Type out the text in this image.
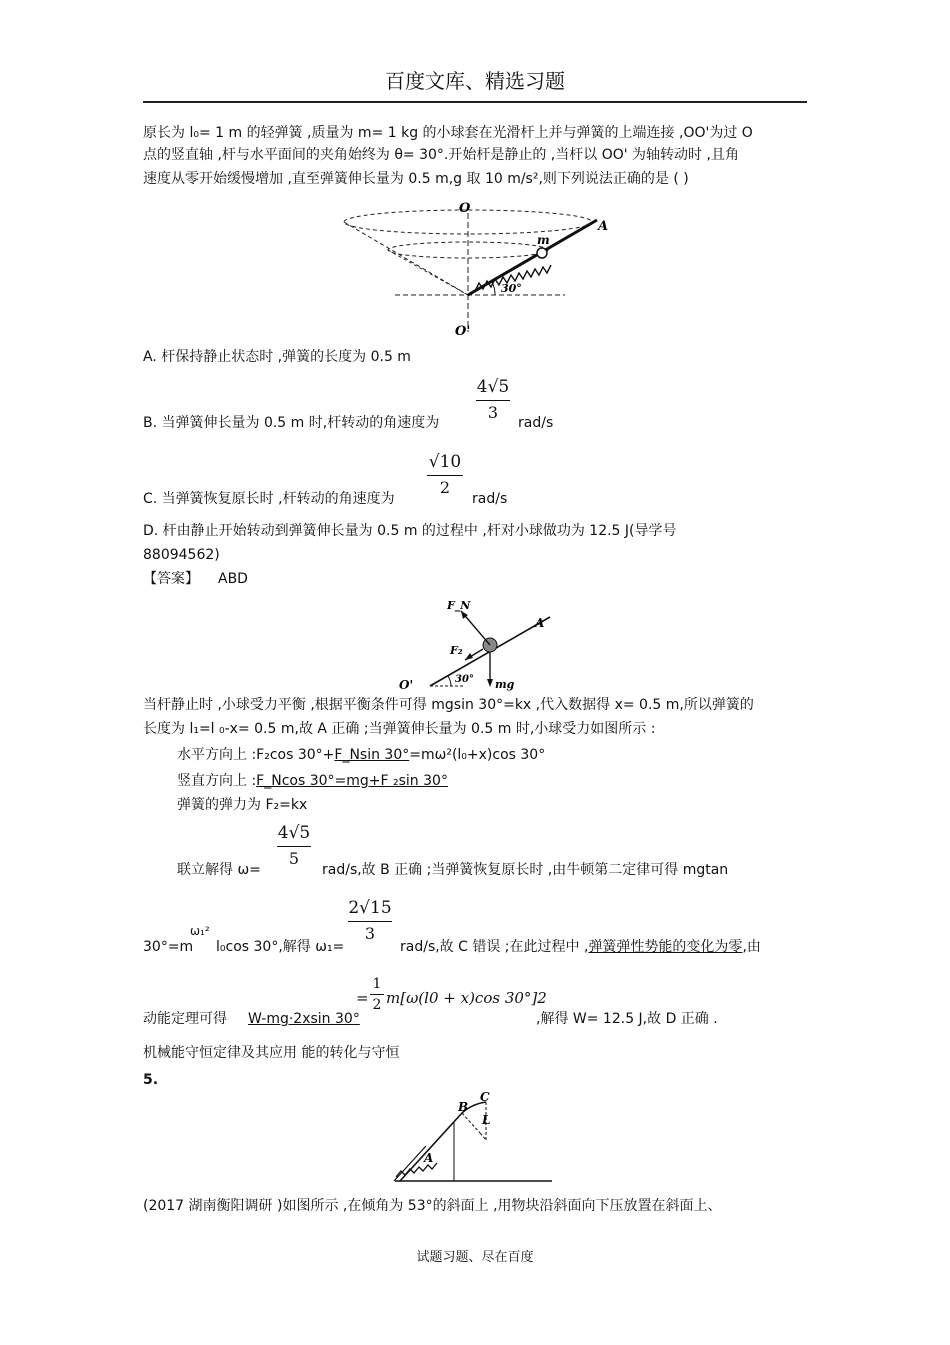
百度文库、精选习题
原长为 l₀= 1 m 的轻弹簧 ,质量为 m= 1 kg 的小球套在光滑杆上并与弹簧的上端连接 ,OO'为过 O
点的竖直轴 ,杆与水平面间的夹角始终为 θ= 30°.开始杆是静止的 ,当杆以 OO' 为轴转动时 ,且角
速度从零开始缓慢增加 ,直至弹簧伸长量为 0.5 m,g 取 10 m/s²,则下列说法正确的是 ( )
O
A
m
30°
O'
A. 杆保持静止状态时 ,弹簧的长度为 0.5 m
B. 当弹簧伸长量为 0.5 m 时,杆转动的角速度为
4√5
3
rad/s
C. 当弹簧恢复原长时 ,杆转动的角速度为
√10
2
rad/s
D. 杆由静止开始转动到弹簧伸长量为 0.5 m 的过程中 ,杆对小球做功为 12.5 J(导学号
88094562)
【答案】 ABD
F_N
A
F₂
30°
O'	mg
当杆静止时 ,小球受力平衡 ,根据平衡条件可得 mgsin 30°=kx ,代入数据得 x= 0.5 m,所以弹簧的
长度为 l₁=l ₀-x= 0.5 m,故 A 正确 ;当弹簧伸长量为 0.5 m 时,小球受力如图所示 :
水平方向上 :F₂cos 30°+F_Nsin 30°=mω²(l₀+x)cos 30°
竖直方向上 :F_Ncos 30°=mg+F ₂sin 30°
弹簧的弹力为 F₂=kx
联立解得 ω=
4√5
5
rad/s,故 B 正确 ;当弹簧恢复原长时 ,由牛顿第二定律可得 mgtan
30°=m
ω₁²
l₀cos 30°,解得 ω₁=
2√15
3
rad/s,故 C 错误 ;在此过程中 ,弹簧弹性势能的变化为零,由
=
1
2 m[ω(l0 + x)cos 30°]2
动能定理可得 W-mg·2xsin 30°	,解得 W= 12.5 J,故 D 正确 .
机械能守恒定律及其应用 能的转化与守恒
5.
C
B
L
A
(2017 湖南衡阳调研 )如图所示 ,在倾角为 53°的斜面上 ,用物块沿斜面向下压放置在斜面上、
试题习题、尽在百度
